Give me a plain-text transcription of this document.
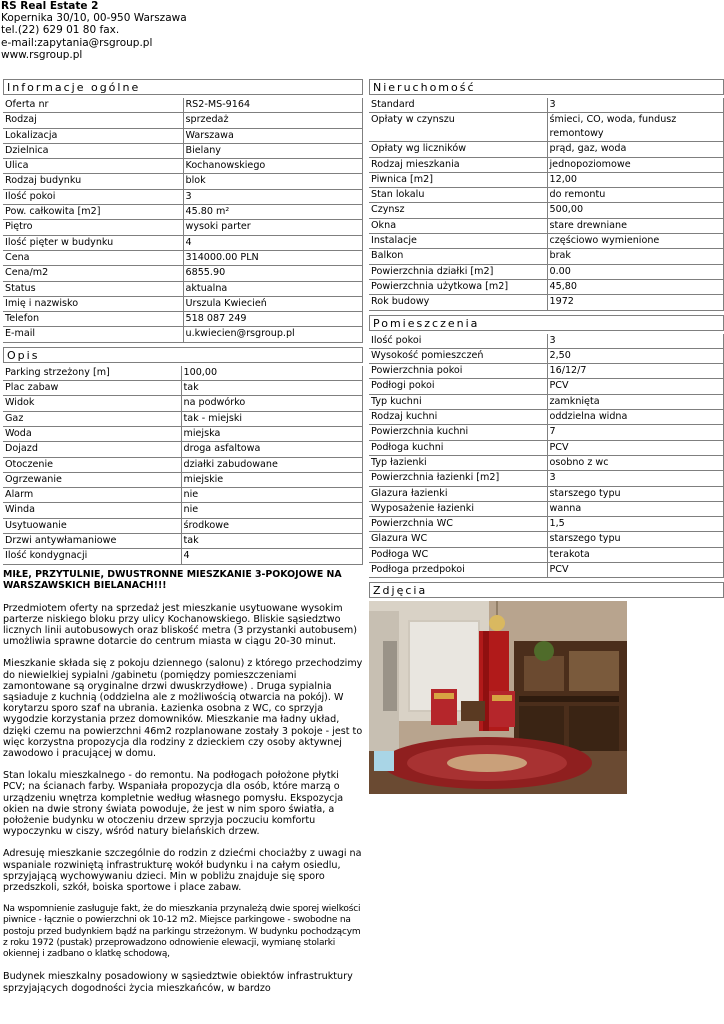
RS Real Estate 2
Kopernika 30/10, 00-950 Warszawa
tel.(22) 629 01 80 fax.
e-mail:zapytania@rsgroup.pl
www.rsgroup.pl
Informacje ogólne
Oferta nr	RS2-MS-9164
Rodzaj	sprzedaż
Lokalizacja	Warszawa
Dzielnica	Bielany
Ulica	Kochanowskiego
Rodzaj budynku	blok
Ilość pokoi	3
Pow. całkowita [m2]	45.80 m²
Piętro	wysoki parter
Ilość pięter w budynku	4
Cena	314000.00 PLN
Cena/m2	6855.90
Status	aktualna
Imię i nazwisko	Urszula Kwiecień
Telefon	518 087 249
E-mail	u.kwiecien@rsgroup.pl
Opis
Parking strzeżony [m]	100,00
Plac zabaw	tak
Widok	na podwórko
Gaz	tak - miejski
Woda	miejska
Dojazd	droga asfaltowa
Otoczenie	działki zabudowane
Ogrzewanie	miejskie
Alarm	nie
Winda	nie
Usytuowanie	środkowe
Drzwi antywłamaniowe	tak
Ilość kondygnacji	4
MIŁE, PRZYTULNIE, DWUSTRONNE MIESZKANIE 3-POKOJOWE NA WARSZAWSKICH BIELANACH!!!

Przedmiotem oferty na sprzedaż jest mieszkanie usytuowane wysokim parterze niskiego bloku przy ulicy Kochanowskiego. Bliskie sąsiedztwo licznych linii autobusowych oraz bliskość metra (3 przystanki autobusem) umożliwia sprawne dotarcie do centrum miasta w ciągu 20-30 minut.

Mieszkanie składa się z pokoju dziennego (salonu) z którego przechodzimy do niewielkiej sypialni /gabinetu (pomiędzy pomieszczeniami zamontowane są oryginalne drzwi dwuskrzydłowe) . Druga sypialnia sąsiaduje z kuchnią (oddzielna ale z możliwością otwarcia na pokój). W korytarzu sporo szaf na ubrania. Łazienka osobna z WC, co sprzyja wygodzie korzystania przez domowników. Mieszkanie ma ładny układ, dzięki czemu na powierzchni 46m2 rozplanowane zostały 3 pokoje - jest to więc korzystna propozycja dla rodziny z dzieckiem czy osoby aktywnej zawodowo i pracującej w domu.

Stan lokalu mieszkalnego - do remontu. Na podłogach położone płytki PCV; na ścianach farby. Wspaniała propozycja dla osób, które marzą o urządzeniu wnętrza kompletnie według własnego pomysłu. Ekspozycja okien na dwie strony świata powoduje, że jest w nim sporo światła, a położenie budynku w otoczeniu drzew sprzyja poczuciu komfortu wypoczynku w ciszy, wśród natury bielańskich drzew.

Adresuję mieszkanie szczególnie do rodzin z dziećmi chociażby z uwagi na wspaniale rozwiniętą infrastrukturę wokół budynku i na całym osiedlu, sprzyjającą wychowywaniu dzieci. Min w pobliżu znajduje się sporo przedszkoli, szkół, boiska sportowe i place zabaw.

Na wspomnienie zasługuje fakt, że do mieszkania przynależą dwie sporej wielkości piwnice - łącznie o powierzchni ok 10-12 m2. Miejsce parkingowe - swobodne na postoju przed budynkiem bądź na parkingu strzeżonym. W budynku pochodzącym z roku 1972 (pustak) przeprowadzono odnowienie elewacji, wymianę stolarki okiennej i zadbano o klatkę schodową,

Budynek mieszkalny posadowiony w sąsiedztwie obiektów infrastruktury sprzyjających dogodności życia mieszkańców, w bardzo

Nieruchomość
Standard	3
Opłaty w czynszu	śmieci, CO, woda, fundusz remontowy
Opłaty wg liczników	prąd, gaz, woda
Rodzaj mieszkania	jednopoziomowe
Piwnica [m2]	12,00
Stan lokalu	do remontu
Czynsz	500,00
Okna	stare drewniane
Instalacje	częściowo wymienione
Balkon	brak
Powierzchnia działki [m2]	0.00
Powierzchnia użytkowa [m2]	45,80
Rok budowy	1972
Pomieszczenia
Ilość pokoi	3
Wysokość pomieszczeń	2,50
Powierzchnia pokoi	16/12/7
Podłogi pokoi	PCV
Typ kuchni	zamknięta
Rodzaj kuchni	oddzielna widna
Powierzchnia kuchni	7
Podłoga kuchni	PCV
Typ łazienki	osobno z wc
Powierzchnia łazienki [m2]	3
Glazura łazienki	starszego typu
Wyposażenie łazienki	wanna
Powierzchnia WC	1,5
Glazura WC	starszego typu
Podłoga WC	terakota
Podłoga przedpokoi	PCV
Zdjęcia
